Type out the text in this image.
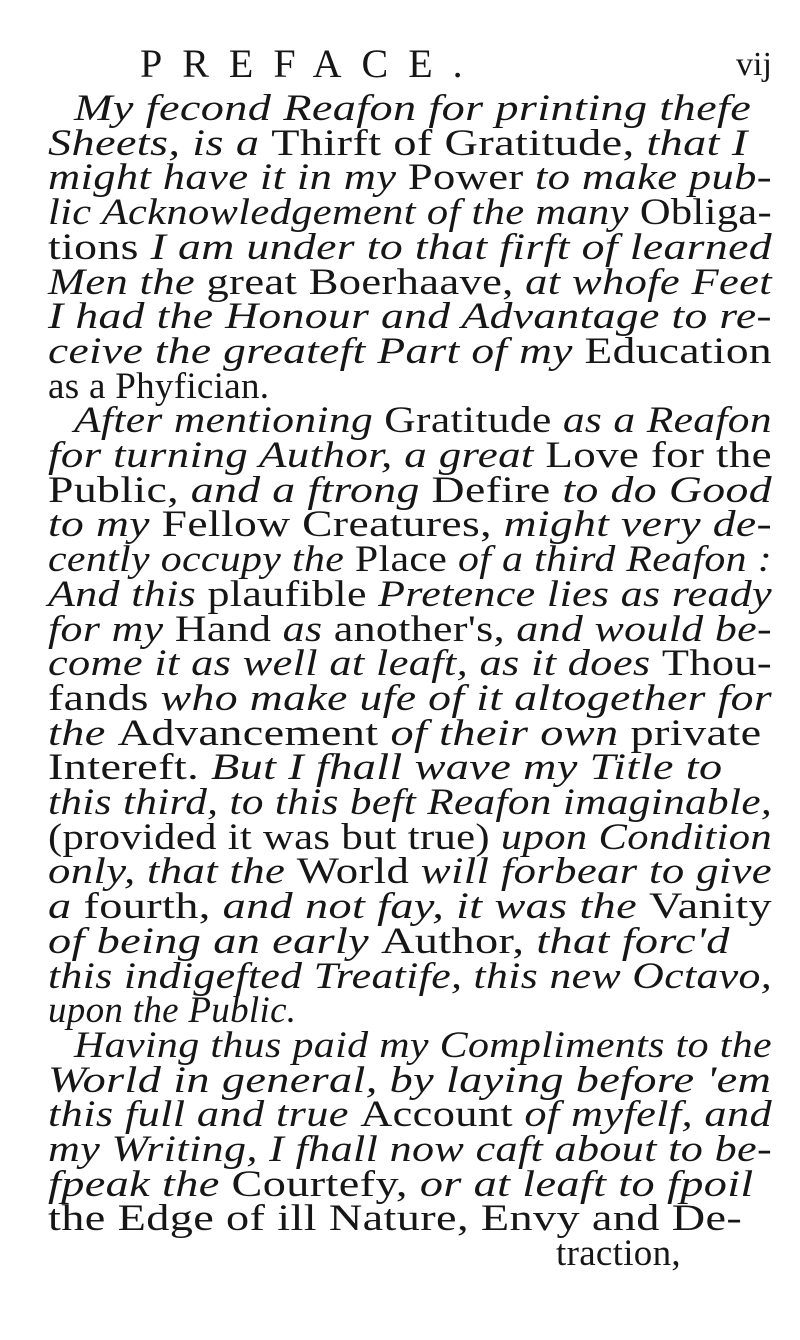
PREFACE.	vij
My fecond Reafon for printing thefe
Sheets, is a Thirft of Gratitude, that I
might have it in my Power to make pub-
lic Acknowledgement of the many Obliga-
tions I am under to that firft of learned
Men the great Boerhaave, at whofe Feet
I had the Honour and Advantage to re-
ceive the greateft Part of my Education
as a Phyfician.
After mentioning Gratitude as a Reafon
for turning Author, a great Love for the
Public, and a ftrong Defire to do Good
to my Fellow Creatures, might very de-
cently occupy the Place of a third Reafon :
And this plaufible Pretence lies as ready
for my Hand as another's, and would be-
come it as well at leaft, as it does Thou-
fands who make ufe of it altogether for
the Advancement of their own private
Intereft. But I fhall wave my Title to
this third, to this beft Reafon imaginable,
(provided it was but true) upon Condition
only, that the World will forbear to give
a fourth, and not fay, it was the Vanity
of being an early Author, that forc'd
this indigefted Treatife, this new Octavo,
upon the Public.
Having thus paid my Compliments to the
World in general, by laying before 'em
this full and true Account of myfelf, and
my Writing, I fhall now caft about to be-
fpeak the Courtefy, or at leaft to fpoil
the Edge of ill Nature, Envy and De-
traction,
